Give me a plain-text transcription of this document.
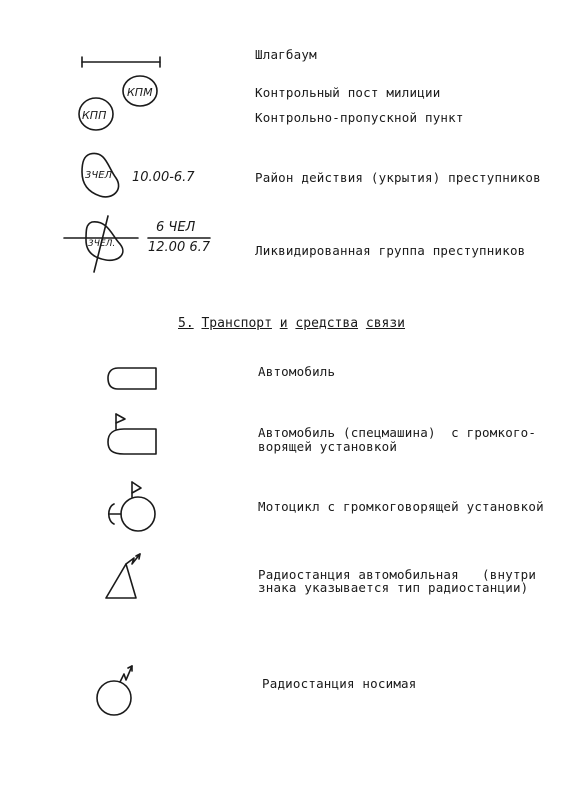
Шлагбаум
КПМ	Контрольный пост милиции
КПП	Контрольно-пропускной пункт
3ЧЕЛ 10.00-6.7	Район действия (укрытия) преступников
3ЧЕЛ.
6 ЧЕЛ
12.00 6.7	Ликвидированная группа преступников
5. Транспорт и средства связи
Автомобиль
Автомобиль (спецмашина)  с громкого-
ворящей установкой
Мотоцикл с громкоговорящей установкой
Радиостанция автомобильная   (внутри
знака указывается тип радиостанции)
Радиостанция носимая
